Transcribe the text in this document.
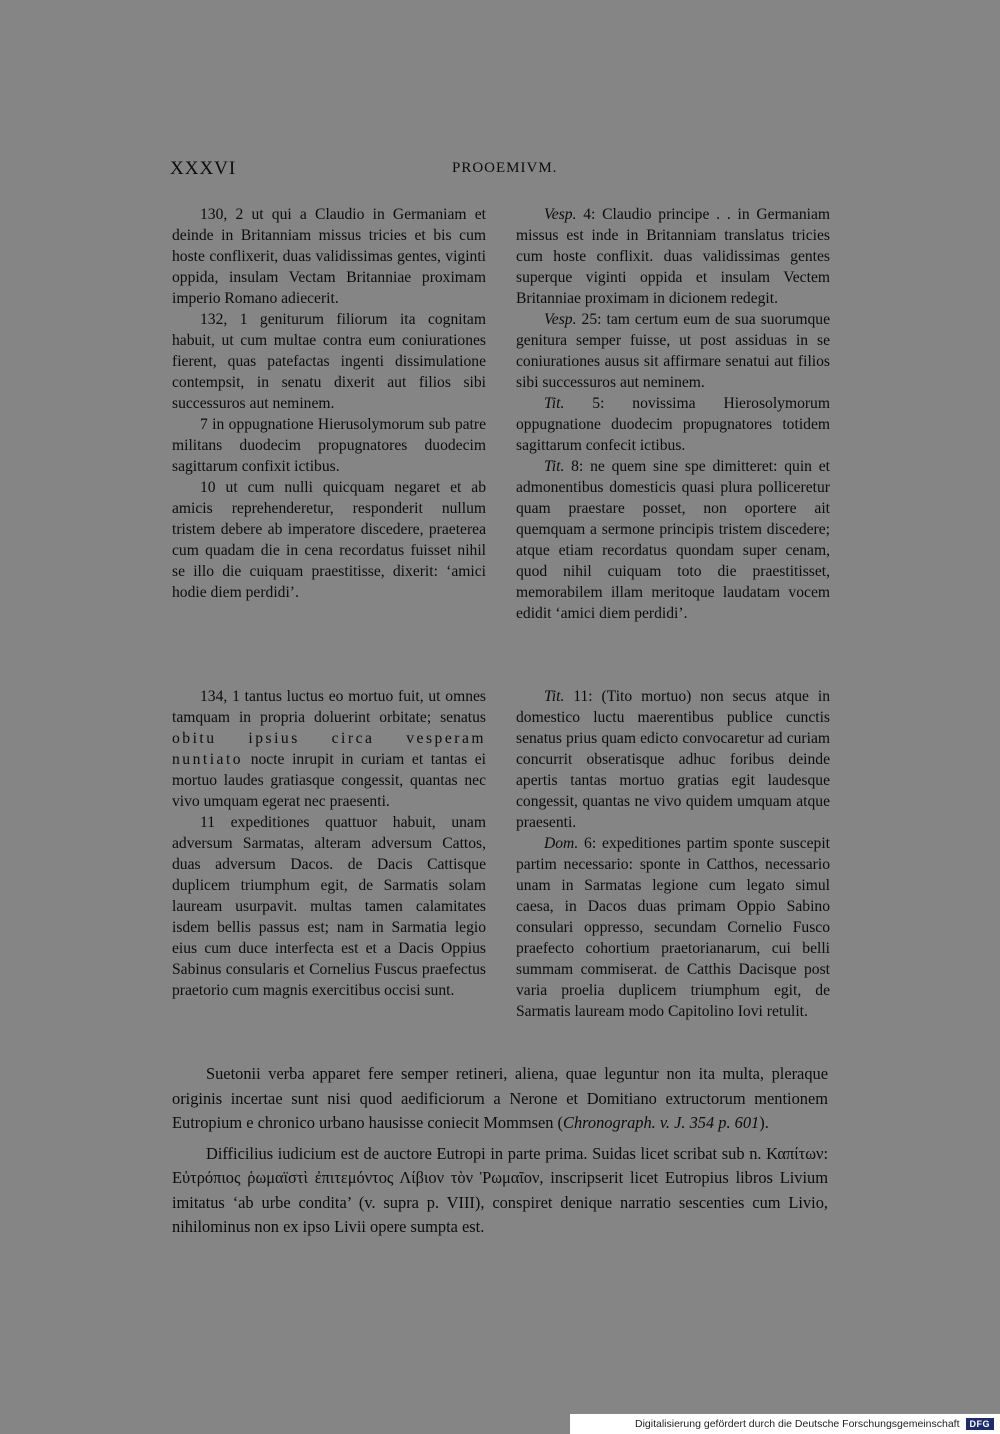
XXXVI	PROOEMIVM.

130, 2 ut qui a Claudio in Germaniam et deinde in Britanniam missus tricies et bis cum hoste conflixerit, duas validissimas gentes, viginti oppida, insulam Vectam Britanniae proximam imperio Romano adiecerit.

132, 1 geniturum filiorum ita cognitam habuit, ut cum multae contra eum coniurationes fierent, quas patefactas ingenti dissimulatione contempsit, in senatu dixerit aut filios sibi successuros aut neminem.

7 in oppugnatione Hierusolymorum sub patre militans duodecim propugnatores duodecim sagittarum confixit ictibus.

10 ut cum nulli quicquam negaret et ab amicis reprehenderetur, responderit nullum tristem debere ab imperatore discedere, praeterea cum quadam die in cena recordatus fuisset nihil se illo die cuiquam praestitisse, dixerit: ‘amici hodie diem perdidi’.

Vesp. 4: Claudio principe . . in Germaniam missus est inde in Britanniam translatus tricies cum hoste conflixit. duas validissimas gentes superque viginti oppida et insulam Vectem Britanniae proximam in dicionem redegit.

Vesp. 25: tam certum eum de sua suorumque genitura semper fuisse, ut post assiduas in se coniurationes ausus sit affirmare senatui aut filios sibi successuros aut neminem.

Tit. 5: novissima Hierosolymorum oppugnatione duodecim propugnatores totidem sagittarum confecit ictibus.

Tit. 8: ne quem sine spe dimitteret: quin et admonentibus domesticis quasi plura polliceretur quam praestare posset, non oportere ait quemquam a sermone principis tristem discedere; atque etiam recordatus quondam super cenam, quod nihil cuiquam toto die praestitisset, memorabilem illam meritoque laudatam vocem edidit ‘amici diem perdidi’.

134, 1 tantus luctus eo mortuo fuit, ut omnes tamquam in propria doluerint orbitate; senatus obitu ipsius circa vesperam nuntiato nocte inrupit in curiam et tantas ei mortuo laudes gratiasque congessit, quantas nec vivo umquam egerat nec praesenti.

11 expeditiones quattuor habuit, unam adversum Sarmatas, alteram adversum Cattos, duas adversum Dacos. de Dacis Cattisque duplicem triumphum egit, de Sarmatis solam lauream usurpavit. multas tamen calamitates isdem bellis passus est; nam in Sarmatia legio eius cum duce interfecta est et a Dacis Oppius Sabinus consularis et Cornelius Fuscus praefectus praetorio cum magnis exercitibus occisi sunt.

Tit. 11: (Tito mortuo) non secus atque in domestico luctu maerentibus publice cunctis senatus prius quam edicto convocaretur ad curiam concurrit obseratisque adhuc foribus deinde apertis tantas mortuo gratias egit laudesque congessit, quantas ne vivo quidem umquam atque praesenti.

Dom. 6: expeditiones partim sponte suscepit partim necessario: sponte in Catthos, necessario unam in Sarmatas legione cum legato simul caesa, in Dacos duas primam Oppio Sabino consulari oppresso, secundam Cornelio Fusco praefecto cohortium praetorianarum, cui belli summam commiserat. de Catthis Dacisque post varia proelia duplicem triumphum egit, de Sarmatis lauream modo Capitolino Iovi retulit.

Suetonii verba apparet fere semper retineri, aliena, quae leguntur non ita multa, pleraque originis incertae sunt nisi quod aedificiorum a Nerone et Domitiano extructorum mentionem Eutropium e chronico urbano hausisse coniecit Mommsen (Chronograph. v. J. 354 p. 601).

Difficilius iudicium est de auctore Eutropi in parte prima. Suidas licet scribat sub n. Καπίτων: Εὐτρόπιος ῥωμαϊστὶ ἐπιτεμόντος Λίβιον τὸν Ῥωμαῖον, inscripserit licet Eutropius libros Livium imitatus ‘ab urbe condita’ (v. supra p. VIII), conspiret denique narratio sescenties cum Livio, nihilominus non ex ipso Livii opere sumpta est.

Digitalisierung gefördert durch die Deutsche Forschungsgemeinschaft	DFG
